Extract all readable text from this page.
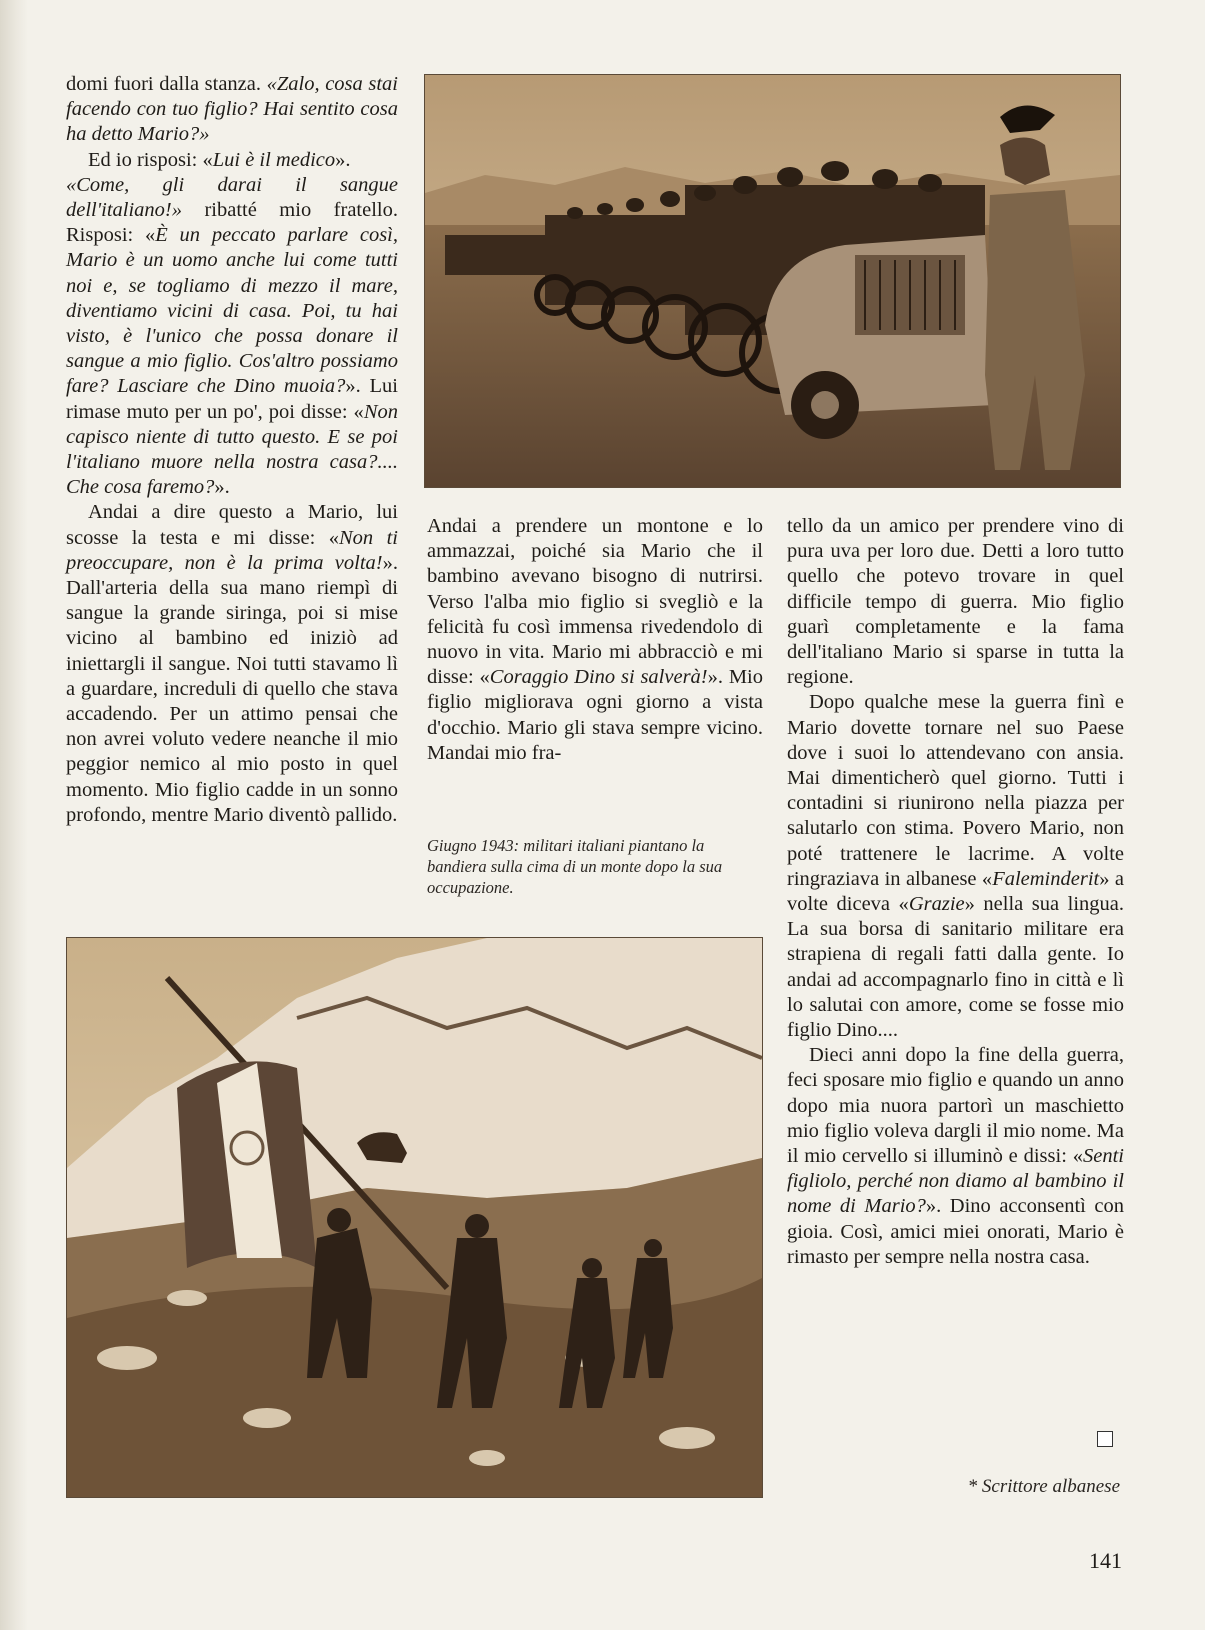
domi fuori dalla stanza. «Zalo, cosa stai facendo con tuo figlio? Hai sentito cosa ha detto Mario?»

Ed io risposi: «Lui è il medico».

«Come, gli darai il sangue dell'italiano!» ribatté mio fratello. Risposi: «È un peccato parlare così, Mario è un uomo anche lui come tutti noi e, se togliamo di mezzo il mare, diventiamo vicini di casa. Poi, tu hai visto, è l'unico che possa donare il sangue a mio figlio. Cos'altro possiamo fare? Lasciare che Dino muoia?». Lui rimase muto per un po', poi disse: «Non capisco niente di tutto questo. E se poi l'italiano muore nella nostra casa?.... Che cosa faremo?».

Andai a dire questo a Mario, lui scosse la testa e mi disse: «Non ti preoccupare, non è la prima volta!». Dall'arteria della sua mano riempì di sangue la grande siringa, poi si mise vicino al bambino ed iniziò ad iniettargli il sangue. Noi tutti stavamo lì a guardare, increduli di quello che stava accadendo. Per un attimo pensai che non avrei voluto vedere neanche il mio peggior nemico al mio posto in quel momento. Mio figlio cadde in un sonno profondo, mentre Mario diventò pallido.

Andai a prendere un montone e lo ammazzai, poiché sia Mario che il bambino avevano bisogno di nutrirsi. Verso l'alba mio figlio si svegliò e la felicità fu così immensa rivedendolo di nuovo in vita. Mario mi abbracciò e mi disse: «Coraggio Dino si salverà!». Mio figlio migliorava ogni giorno a vista d'occhio. Mario gli stava sempre vicino. Mandai mio fra-

Giugno 1943: militari italiani piantano la bandiera sulla cima di un monte dopo la sua occupazione.

tello da un amico per prendere vino di pura uva per loro due. Detti a loro tutto quello che potevo trovare in quel difficile tempo di guerra. Mio figlio guarì completamente e la fama dell'italiano Mario si sparse in tutta la regione.

Dopo qualche mese la guerra finì e Mario dovette tornare nel suo Paese dove i suoi lo attendevano con ansia. Mai dimenticherò quel giorno. Tutti i contadini si riunirono nella piazza per salutarlo con stima. Povero Mario, non poté trattenere le lacrime. A volte ringraziava in albanese «Faleminderit» a volte diceva «Grazie» nella sua lingua. La sua borsa di sanitario militare era strapiena di regali fatti dalla gente. Io andai ad accompagnarlo fino in città e lì lo salutai con amore, come se fosse mio figlio Dino....

Dieci anni dopo la fine della guerra, feci sposare mio figlio e quando un anno dopo mia nuora partorì un maschietto mio figlio voleva dargli il mio nome. Ma il mio cervello si illuminò e dissi: «Senti figliolo, perché non diamo al bambino il nome di Mario?». Dino acconsentì con gioia. Così, amici miei onorati, Mario è rimasto per sempre nella nostra casa.

* Scrittore albanese
141
